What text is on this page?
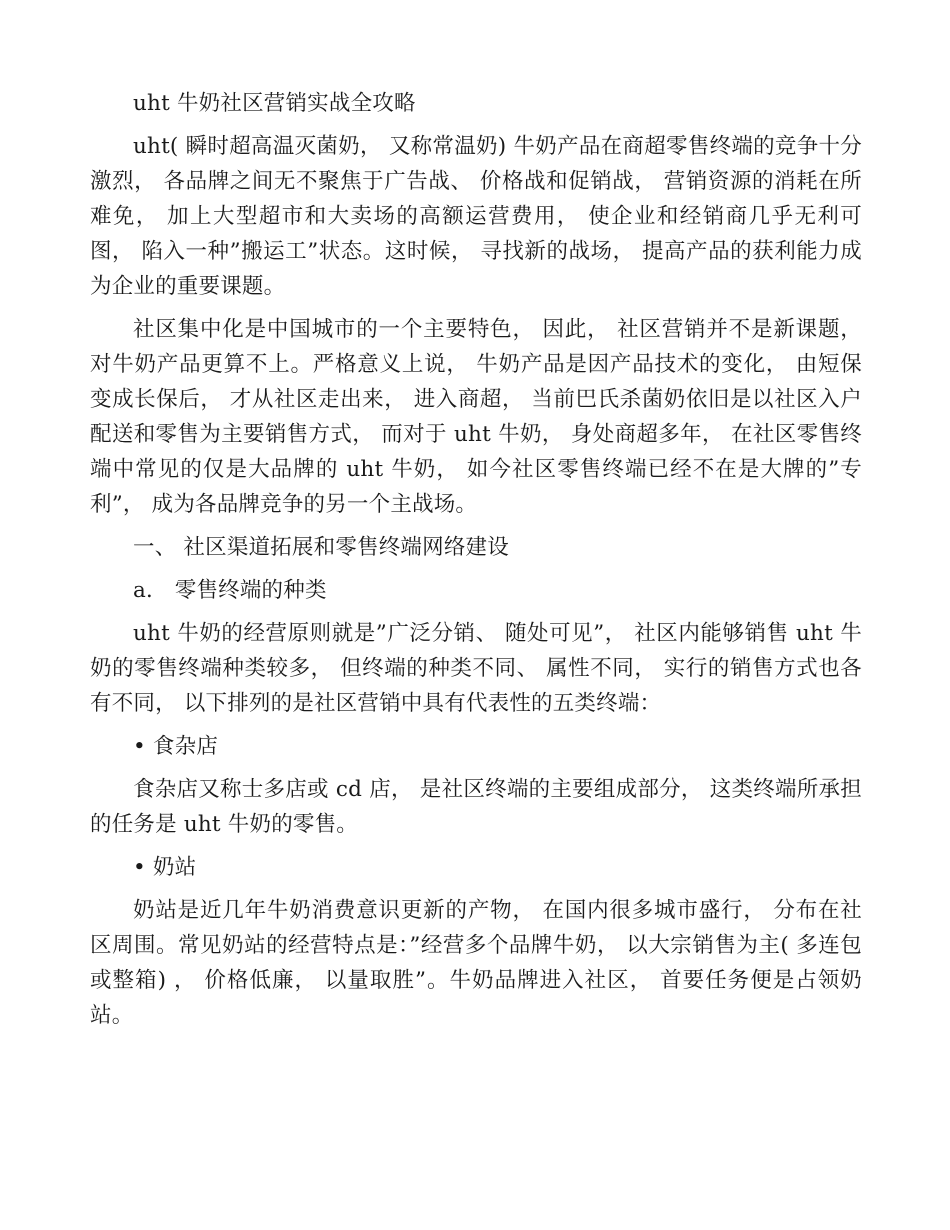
uht 牛奶社区营销实战全攻略

uht( 瞬时超高温灭菌奶， 又称常温奶) 牛奶产品在商超零售终端的竞争十分激烈， 各品牌之间无不聚焦于广告战、 价格战和促销战， 营销资源的消耗在所难免， 加上大型超市和大卖场的高额运营费用， 使企业和经销商几乎无利可图， 陷入一种”搬运工”状态。这时候， 寻找新的战场， 提高产品的获利能力成为企业的重要课题。

社区集中化是中国城市的一个主要特色， 因此， 社区营销并不是新课题，对牛奶产品更算不上。严格意义上说， 牛奶产品是因产品技术的变化， 由短保变成长保后， 才从社区走出来， 进入商超， 当前巴氏杀菌奶依旧是以社区入户配送和零售为主要销售方式， 而对于 uht 牛奶， 身处商超多年， 在社区零售终端中常见的仅是大品牌的 uht 牛奶， 如今社区零售终端已经不在是大牌的”专利”， 成为各品牌竞争的另一个主战场。

一、 社区渠道拓展和零售终端网络建设

a． 零售终端的种类

uht 牛奶的经营原则就是”广泛分销、 随处可见”， 社区内能够销售 uht 牛奶的零售终端种类较多， 但终端的种类不同、 属性不同， 实行的销售方式也各有不同， 以下排列的是社区营销中具有代表性的五类终端：

• 食杂店

食杂店又称士多店或 cd 店， 是社区终端的主要组成部分， 这类终端所承担的任务是 uht 牛奶的零售。

• 奶站

奶站是近几年牛奶消费意识更新的产物， 在国内很多城市盛行， 分布在社区周围。常见奶站的经营特点是：”经营多个品牌牛奶， 以大宗销售为主( 多连包或整箱) ， 价格低廉， 以量取胜”。牛奶品牌进入社区， 首要任务便是占领奶站。
